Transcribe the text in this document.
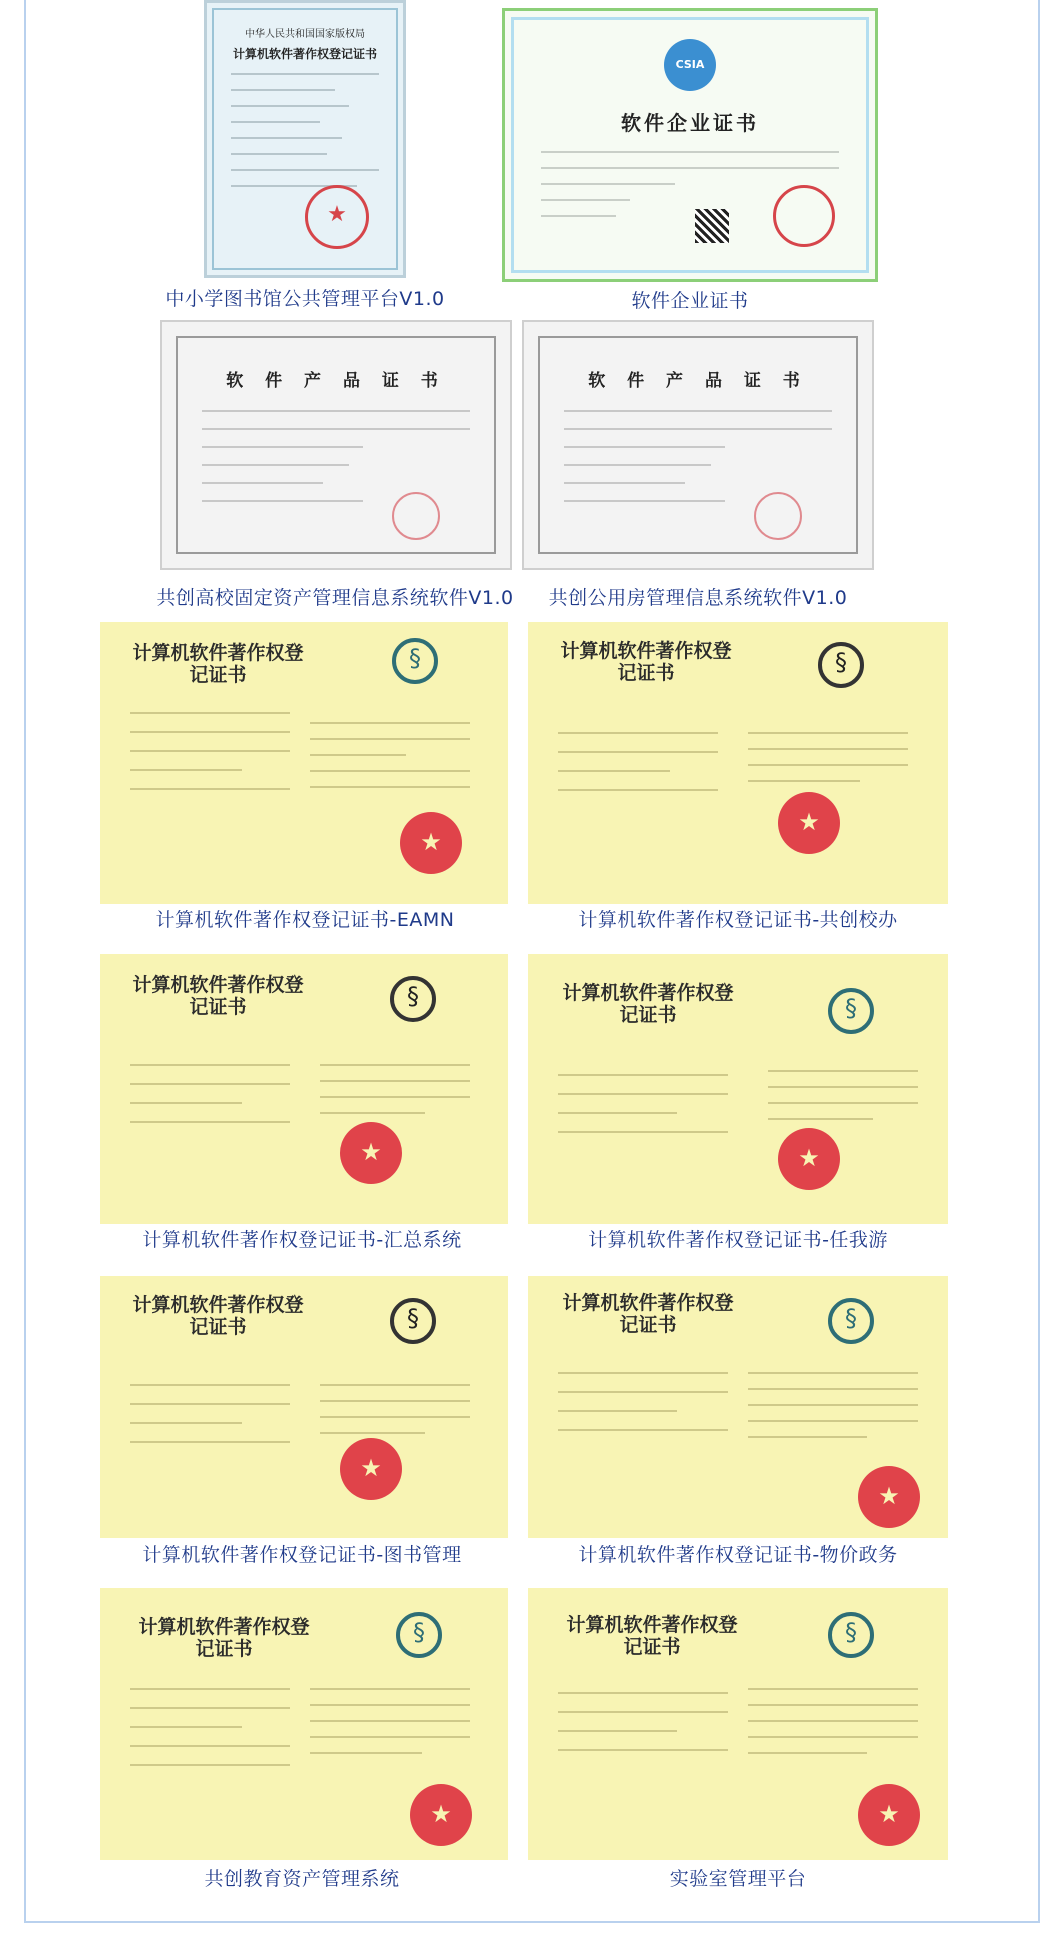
中华人民共和国国家版权局
计算机软件著作权登记证书
★
中小学图书馆公共管理平台V1.0
CSIA
软件企业证书
软件企业证书
软 件 产 品 证 书
共创高校固定资产管理信息系统软件V1.0
软 件 产 品 证 书
共创公用房管理信息系统软件V1.0
计算机软件著作权登记证书
§
★
计算机软件著作权登记证书-EAMN
计算机软件著作权登记证书
§
★
计算机软件著作权登记证书-共创校办
计算机软件著作权登记证书
§
★
计算机软件著作权登记证书-汇总系统
计算机软件著作权登记证书
§
★
计算机软件著作权登记证书-任我游
计算机软件著作权登记证书
§
★
计算机软件著作权登记证书-图书管理
计算机软件著作权登记证书
§
★
计算机软件著作权登记证书-物价政务
计算机软件著作权登记证书
§
★
共创教育资产管理系统
计算机软件著作权登记证书
§
★
实验室管理平台
